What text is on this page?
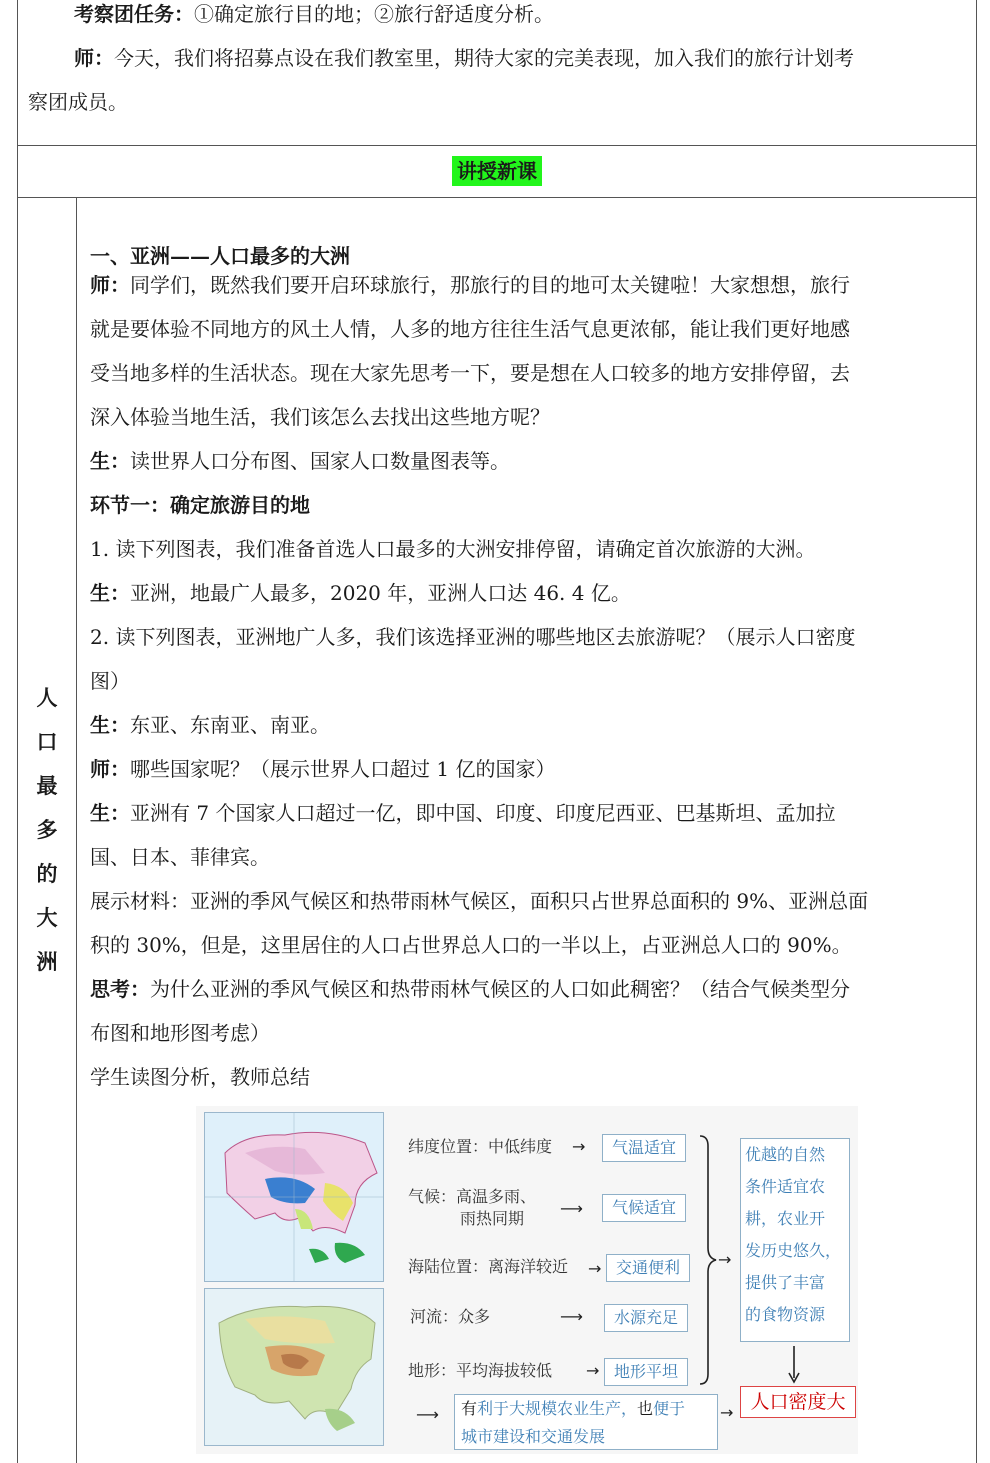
考察团任务：①确定旅行目的地；②旅行舒适度分析。
师：今天，我们将招募点设在我们教室里，期待大家的完美表现，加入我们的旅行计划考
察团成员。
讲授新课
人
口
最
多
的
大
洲
一、亚洲——人口最多的大洲
师：同学们，既然我们要开启环球旅行，那旅行的目的地可太关键啦！大家想想，旅行
就是要体验不同地方的风土人情，人多的地方往往生活气息更浓郁，能让我们更好地感
受当地多样的生活状态。现在大家先思考一下，要是想在人口较多的地方安排停留，去
深入体验当地生活，我们该怎么去找出这些地方呢？
生：读世界人口分布图、国家人口数量图表等。
环节一：确定旅游目的地
1. 读下列图表，我们准备首选人口最多的大洲安排停留，请确定首次旅游的大洲。
生：亚洲，地最广人最多，2020 年，亚洲人口达 46. 4 亿。
2. 读下列图表，亚洲地广人多，我们该选择亚洲的哪些地区去旅游呢？（展示人口密度
图）
生：东亚、东南亚、南亚。
师：哪些国家呢？（展示世界人口超过 1 亿的国家）
生：亚洲有 7 个国家人口超过一亿，即中国、印度、印度尼西亚、巴基斯坦、孟加拉
国、日本、菲律宾。
展示材料：亚洲的季风气候区和热带雨林气候区，面积只占世界总面积的 9%、亚洲总面
积的 30%，但是，这里居住的人口占世界总人口的一半以上，占亚洲总人口的 90%。
思考：为什么亚洲的季风气候区和热带雨林气候区的人口如此稠密？（结合气候类型分
布图和地形图考虑）
学生读图分析，教师总结
纬度位置：中低纬度 →	气温适宜
气候：高温多雨、
雨热同期
⟶	气候适宜
海陆位置：离海洋较近 → 交通便利
河流：众多	⟶	水源充足
地形：平均海拔较低 → 地形平坦
→
优越的自然
条件适宜农
耕，农业开
发历史悠久，
提供了丰富
的食物资源
人口密度大
⟶ 有利于大规模农业生产，也便于
城市建设和交通发展
→
